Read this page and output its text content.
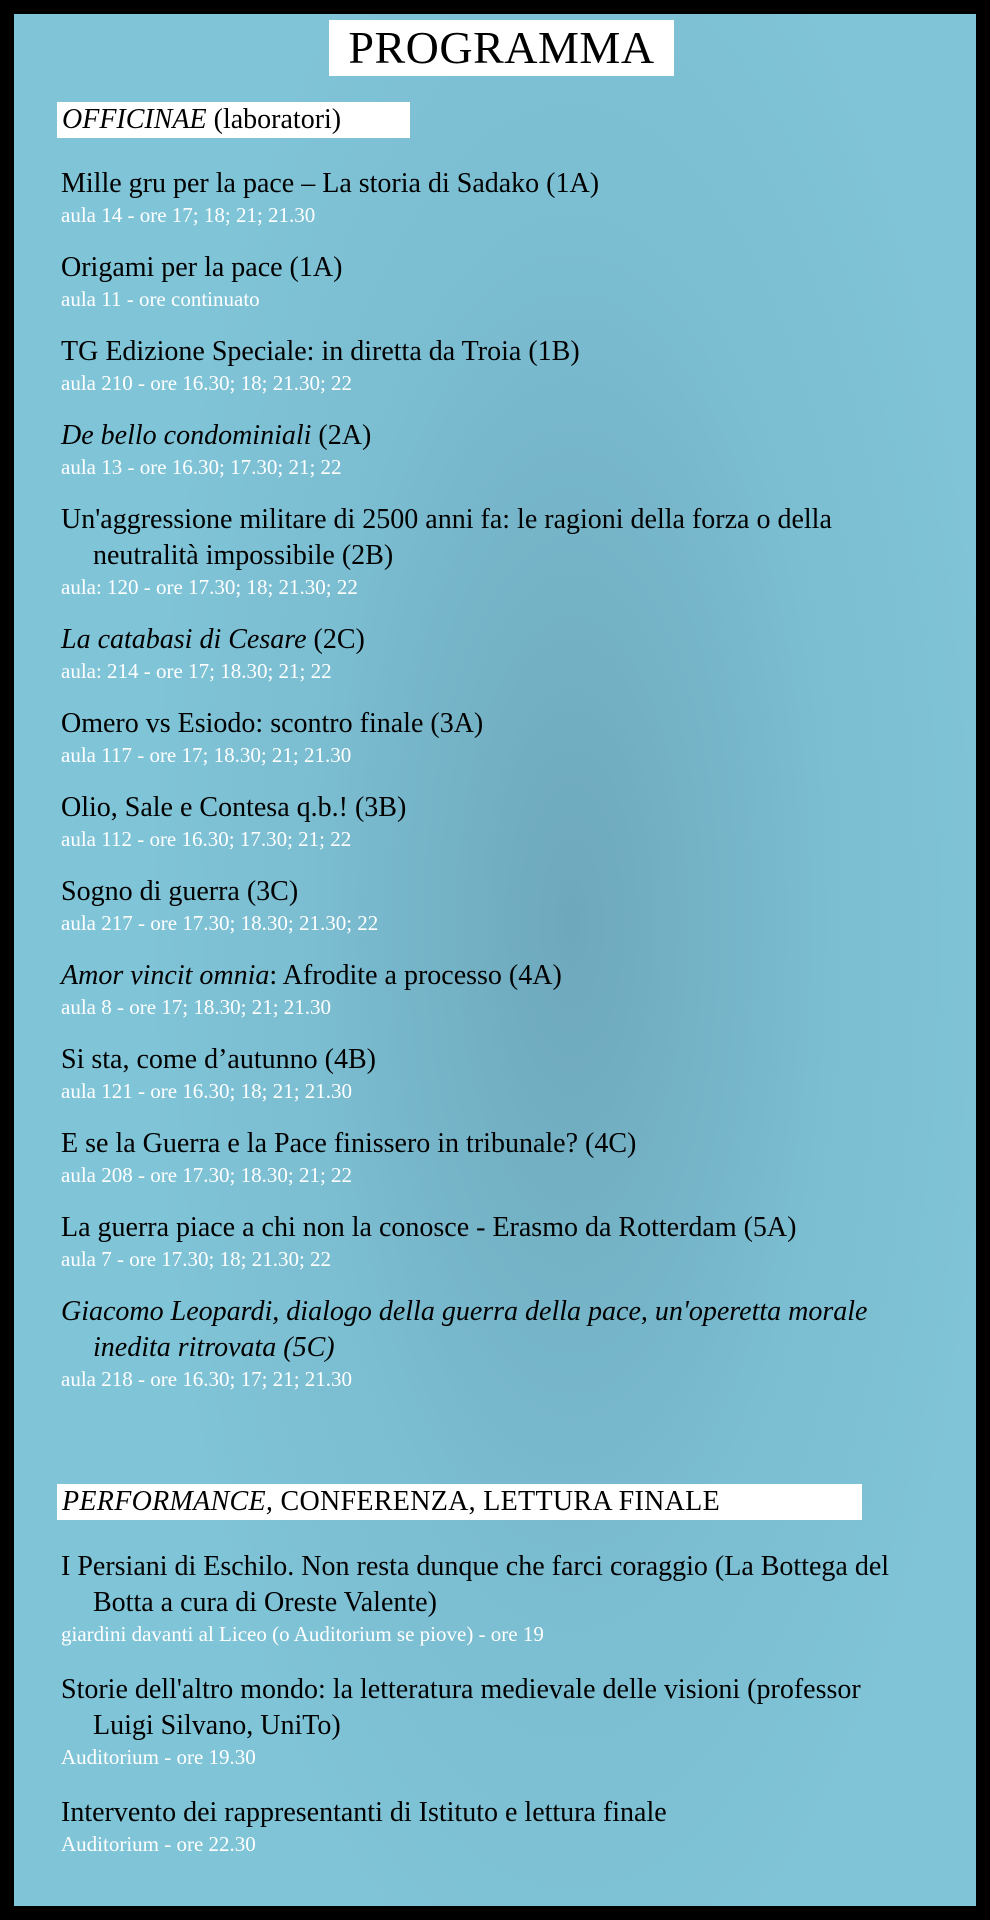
PROGRAMMA
OFFICINAE (laboratori)
Mille gru per la pace – La storia di Sadako (1A)
aula 14 - ore 17; 18; 21; 21.30
Origami per la pace (1A)
aula 11 - ore continuato
TG Edizione Speciale: in diretta da Troia (1B)
aula 210 - ore 16.30; 18; 21.30; 22
De bello condominiali (2A)
aula 13 - ore 16.30; 17.30; 21; 22
Un'aggressione militare di 2500 anni fa: le ragioni della forza o della neutralità impossibile (2B)
aula: 120 - ore 17.30; 18; 21.30; 22
La catabasi di Cesare (2C)
aula: 214 - ore 17; 18.30; 21; 22
Omero vs Esiodo: scontro finale (3A)
aula 117 - ore 17; 18.30; 21; 21.30
Olio, Sale e Contesa q.b.! (3B)
aula 112 - ore 16.30; 17.30; 21; 22
Sogno di guerra (3C)
aula 217 - ore 17.30; 18.30; 21.30; 22
Amor vincit omnia: Afrodite a processo (4A)
aula 8 - ore 17; 18.30; 21; 21.30
Si sta, come d’autunno (4B)
aula 121 - ore 16.30; 18; 21; 21.30
E se la Guerra e la Pace finissero in tribunale? (4C)
aula 208 - ore 17.30; 18.30; 21; 22
La guerra piace a chi non la conosce - Erasmo da Rotterdam (5A)
aula 7 - ore 17.30; 18; 21.30; 22
Giacomo Leopardi, dialogo della guerra della pace, un'operetta morale inedita ritrovata (5C)
aula 218 - ore 16.30; 17; 21; 21.30
PERFORMANCE, CONFERENZA, LETTURA FINALE
I Persiani di Eschilo. Non resta dunque che farci coraggio (La Bottega del Botta a cura di Oreste Valente)
giardini davanti al Liceo (o Auditorium se piove) - ore 19
Storie dell'altro mondo: la letteratura medievale delle visioni (professor Luigi Silvano, UniTo)
Auditorium - ore 19.30
Intervento dei rappresentanti di Istituto e lettura finale
Auditorium - ore 22.30
